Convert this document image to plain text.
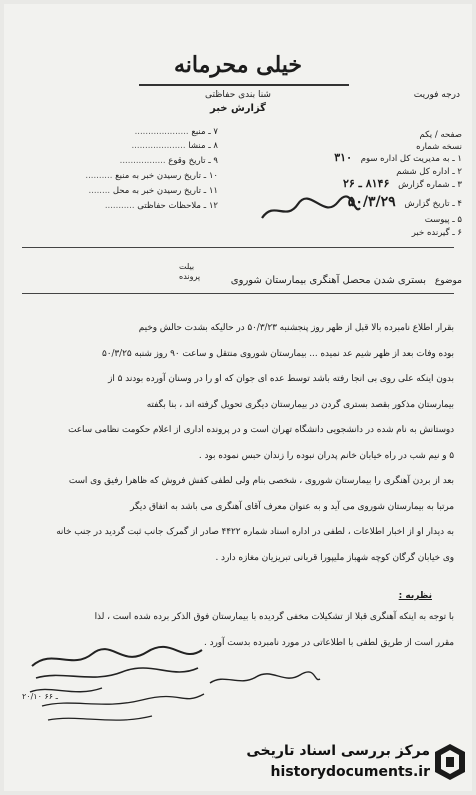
درجه فوریت
خیلی محرمانه
شنا بندی حفاظتی
گزارش خبر
صفحه / یکم
نسخه شماره
۱ ـ به مدیریت کل اداره سوم ۳۱۰
۲ ـ اداره کل ششم
۳ ـ شماره گزارش ۸۱۴۶ ـ ۲۶
۴ ـ تاریخ گزارش ۵۰/۳/۲۹
۵ ـ پیوست
۶ ـ گیرنده خبر
۷ ـ منبع ....................
۸ ـ منشأ ....................
۹ ـ تاریخ وقوع .................
۱۰ ـ تاریخ رسیدن خبر به منبع ..........
۱۱ ـ تاریخ رسیدن خبر به محل ........
۱۲ ـ ملاحظات حفاظتی ...........
بیلت
پرونده	موضوع بستری شدن محصل آهنگری بیمارستان شوروی
بقرار اطلاع نامبرده بالا قبل از ظهر روز پنجشنبه ۵۰/۳/۲۳ در حالیکه بشدت حالش وخیم
بوده وفات بعد از ظهر شیم عد نمیده ... بیمارستان شوروی منتقل و ساعت ۹۰ روز شنبه ۵۰/۳/۲۵
بدون اینکه علی روی بی انجا رفته باشد توسط عده ای جوان که او را در وسنان آورده بودند ۵ از
بیمارستان مذکور بقصد بستری گردن در بیمارستان دیگری تحویل گرفته اند ، بنا بگفته
دوستانش به نام شده در دانشجویی دانشگاه تهران است و در پرونده اداری از اعلام حکومت نظامی ساعت
۵ و نیم شب در راه خیابان خانم پدران نبوده را زندان حبس نموده بود .
بعد از بردن آهنگری را بیمارستان شوروی ، شخصی بنام ولی لطفی کفش فروش که ظاهرا رفیق وی است
مرتبا به بیمارستان شوروی می آید و به عنوان معرف آقای آهنگری می باشد به اتفاق دیگر
به دیدار او از اخبار اطلاعات ، لطفی در اداره اسناد شماره ۴۴۲۲ صادر از گمرک جانب ثبت گردید در جنب خانه
وی خیابان گرگان کوچه شهباز ملیپورا قربانی تبریزیان مغازه دارد .
نظریه :
با توجه به اینکه آهنگری قبلا از تشکیلات مخفی گردیده با بیمارستان فوق الذکر برده شده است ، لذا
مقرر است از طریق لطفی با اطلاعاتی در مورد نامبرده بدست آورد .
۲۰/۱۰ ـ ۶۶
مرکز بررسی اسناد تاریخی
historydocuments.ir
